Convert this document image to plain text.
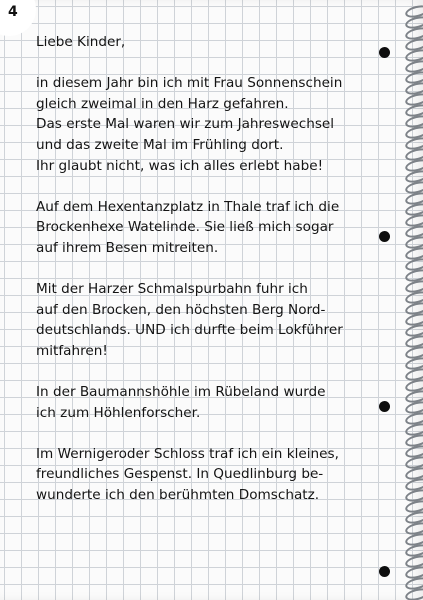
4
Liebe Kinder,
in diesem Jahr bin ich mit Frau Sonnenschein
gleich zweimal in den Harz gefahren.
Das erste Mal waren wir zum Jahreswechsel
und das zweite Mal im Frühling dort.
Ihr glaubt nicht, was ich alles erlebt habe!
Auf dem Hexentanzplatz in Thale traf ich die
Brockenhexe Watelinde. Sie ließ mich sogar
auf ihrem Besen mitreiten.
Mit der Harzer Schmalspurbahn fuhr ich
auf den Brocken, den höchsten Berg Nord-
deutschlands. UND ich durfte beim Lokführer
mitfahren!
In der Baumannshöhle im Rübeland wurde
ich zum Höhlenforscher.
Im Wernigeroder Schloss traf ich ein kleines,
freundliches Gespenst. In Quedlinburg be-
wunderte ich den berühmten Domschatz.
